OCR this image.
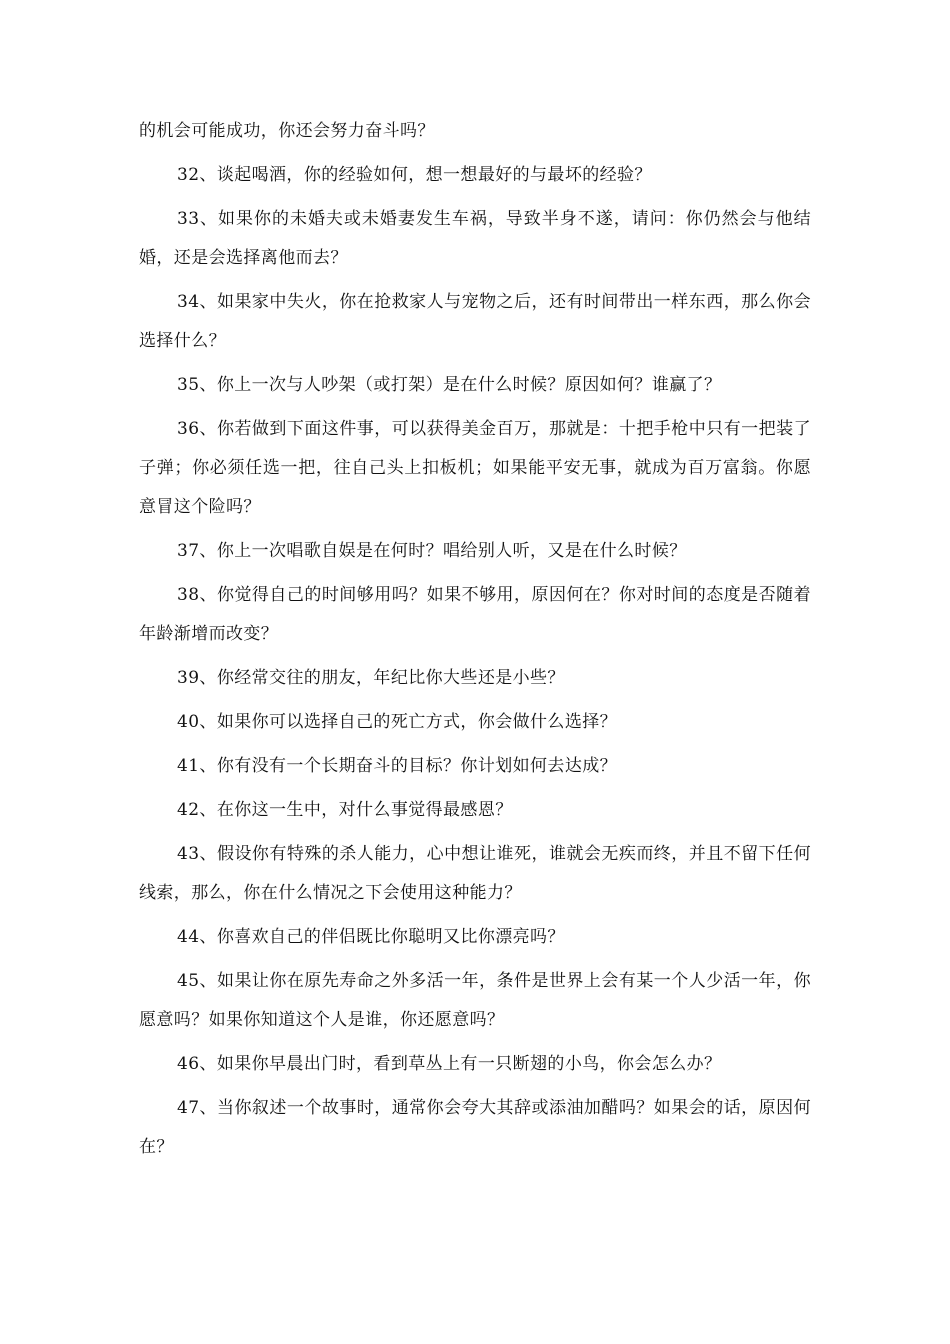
的机会可能成功，你还会努力奋斗吗？

32、谈起喝酒，你的经验如何，想一想最好的与最坏的经验？

33、如果你的未婚夫或未婚妻发生车祸，导致半身不遂，请问：你仍然会与他结婚，还是会选择离他而去？

34、如果家中失火，你在抢救家人与宠物之后，还有时间带出一样东西，那么你会选择什么？

35、你上一次与人吵架（或打架）是在什么时候？原因如何？谁赢了？

36、你若做到下面这件事，可以获得美金百万，那就是：十把手枪中只有一把装了子弹；你必须任选一把，往自己头上扣板机；如果能平安无事，就成为百万富翁。你愿意冒这个险吗？

37、你上一次唱歌自娱是在何时？唱给别人听，又是在什么时候？

38、你觉得自己的时间够用吗？如果不够用，原因何在？你对时间的态度是否随着年龄渐增而改变？

39、你经常交往的朋友，年纪比你大些还是小些？

40、如果你可以选择自己的死亡方式，你会做什么选择？

41、你有没有一个长期奋斗的目标？你计划如何去达成？

42、在你这一生中，对什么事觉得最感恩？

43、假设你有特殊的杀人能力，心中想让谁死，谁就会无疾而终，并且不留下任何线索，那么，你在什么情况之下会使用这种能力？

44、你喜欢自己的伴侣既比你聪明又比你漂亮吗？

45、如果让你在原先寿命之外多活一年，条件是世界上会有某一个人少活一年，你愿意吗？如果你知道这个人是谁，你还愿意吗？

46、如果你早晨出门时，看到草丛上有一只断翅的小鸟，你会怎么办？

47、当你叙述一个故事时，通常你会夸大其辞或添油加醋吗？如果会的话，原因何在？
